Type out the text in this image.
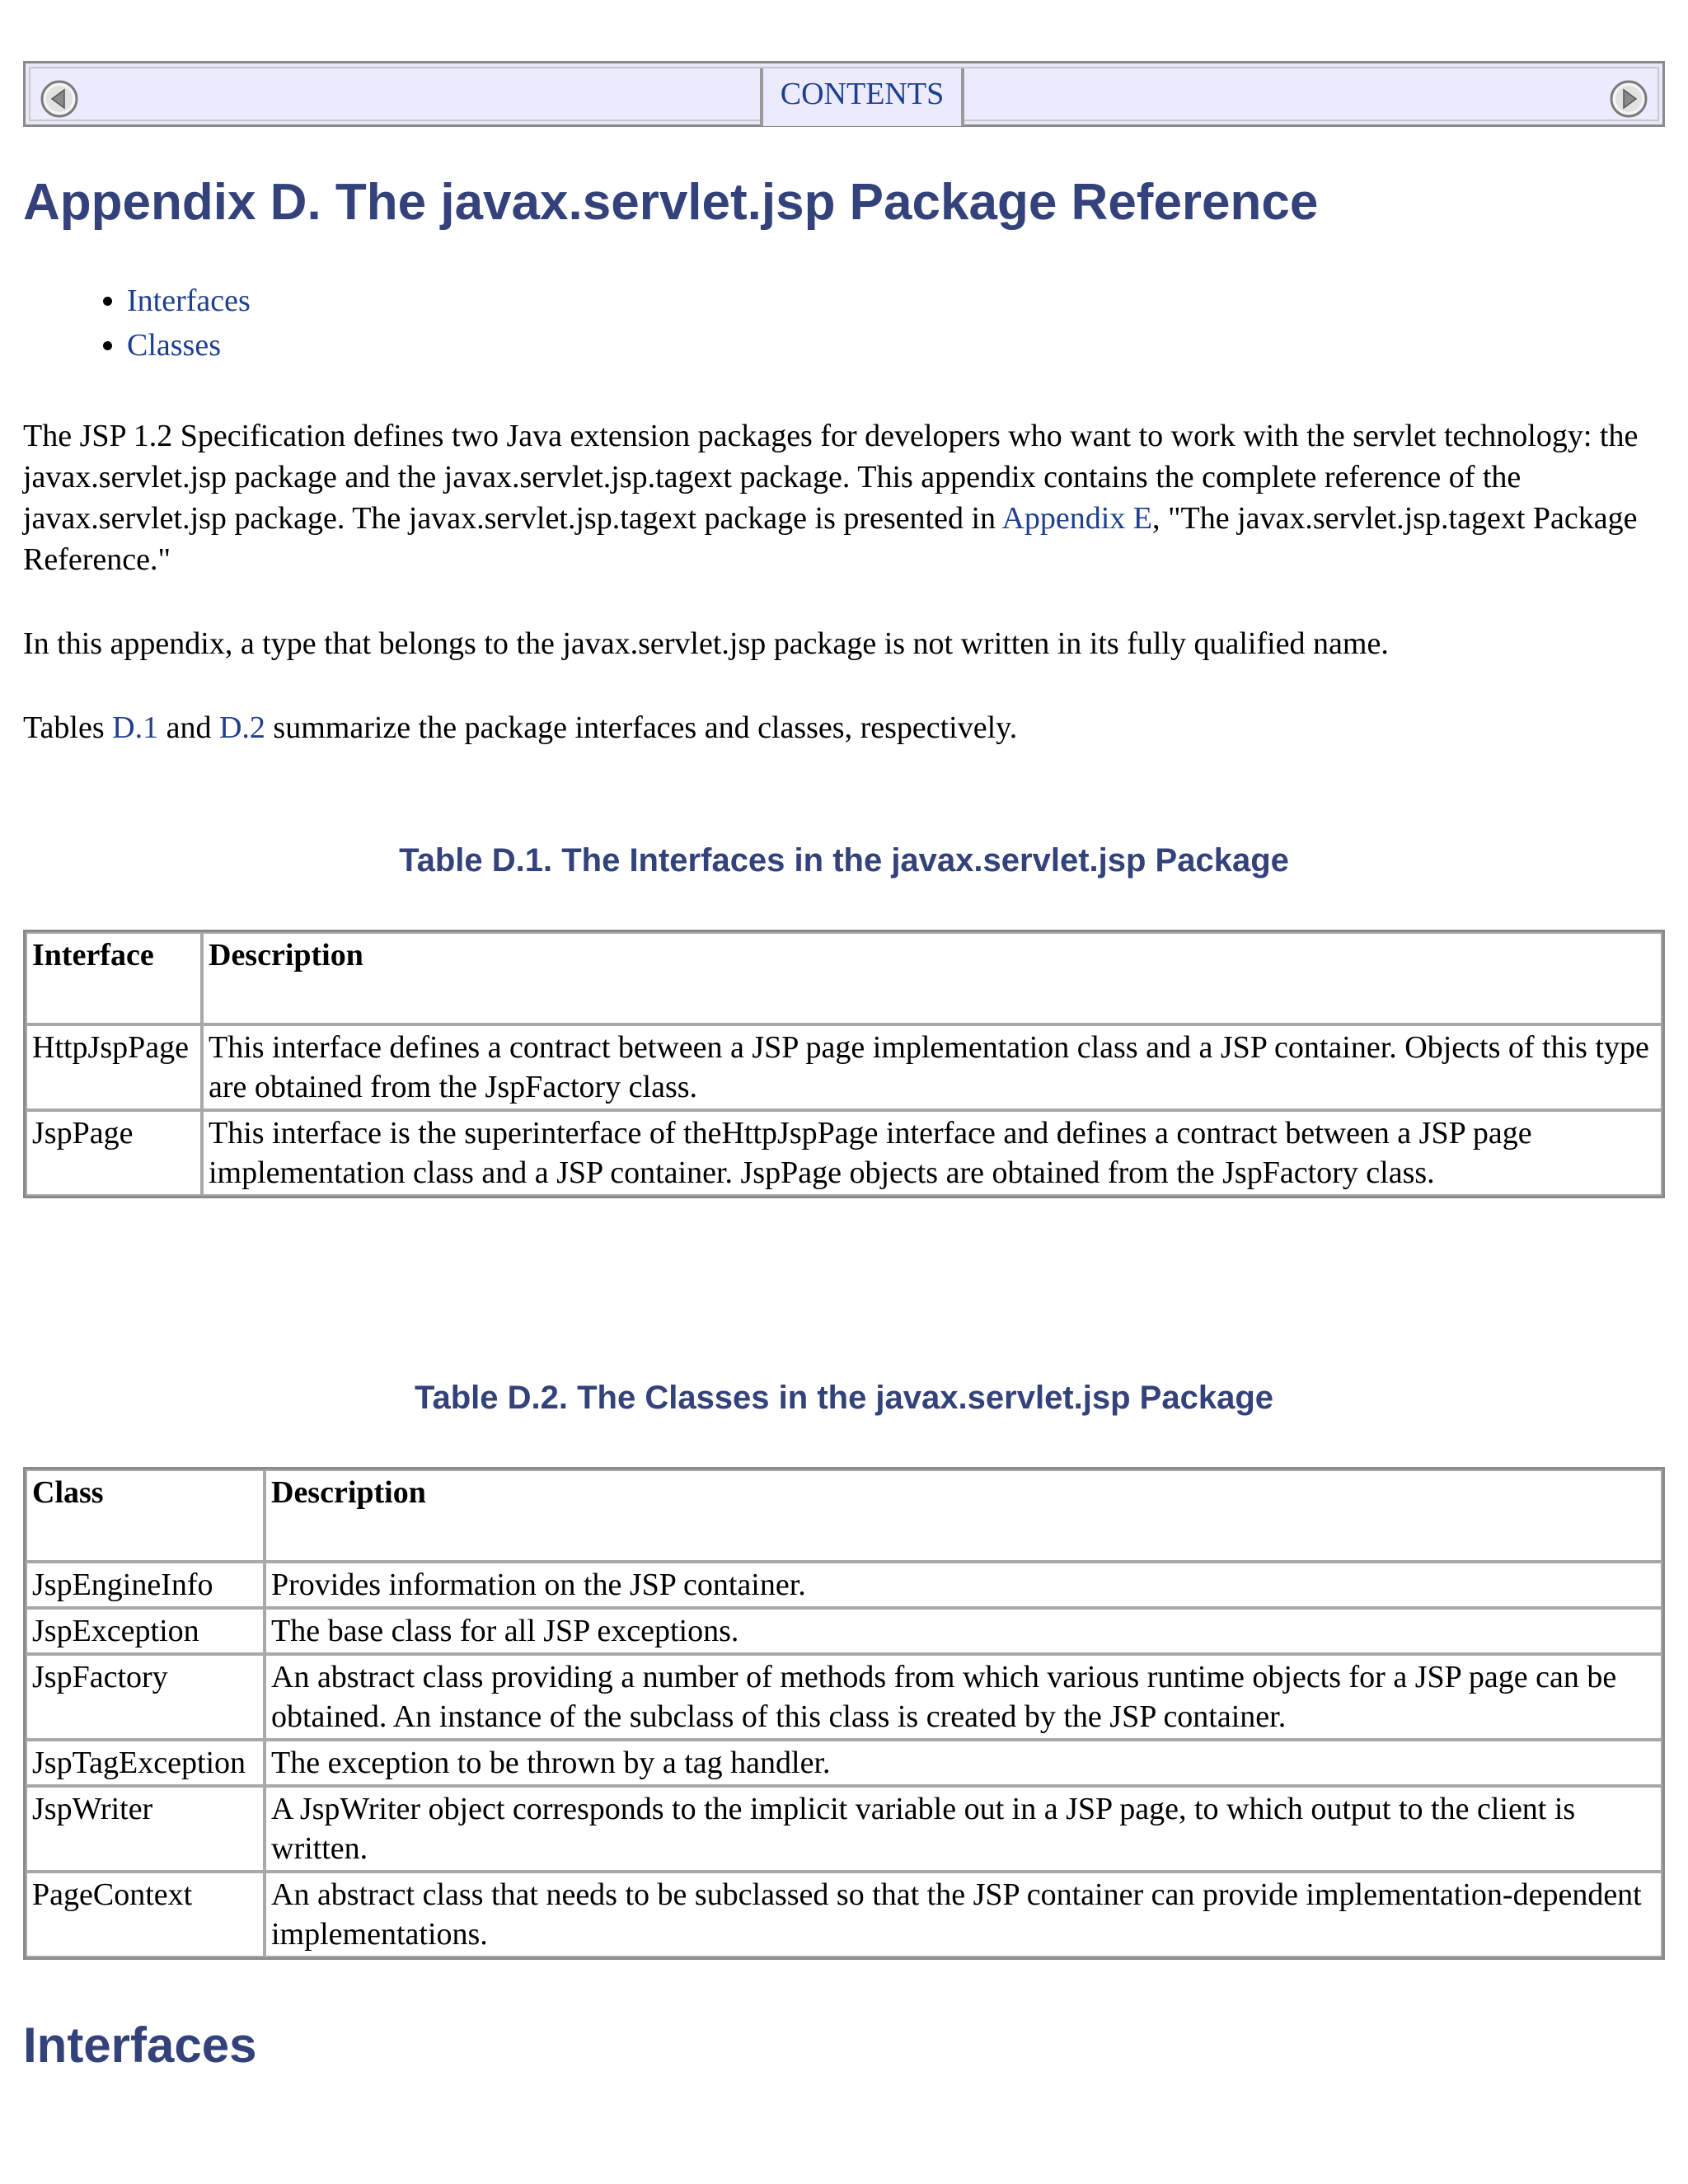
CONTENTS
Appendix D. The javax.servlet.jsp Package Reference
• Interfaces
• Classes

The JSP 1.2 Specification defines two Java extension packages for developers who want to work with the servlet technology: the javax.servlet.jsp package and the javax.servlet.jsp.tagext package. This appendix contains the complete reference of the javax.servlet.jsp package. The javax.servlet.jsp.tagext package is presented in Appendix E, "The javax.servlet.jsp.tagext Package Reference."

In this appendix, a type that belongs to the javax.servlet.jsp package is not written in its fully qualified name.

Tables D.1 and D.2 summarize the package interfaces and classes, respectively.

Table D.1. The Interfaces in the javax.servlet.jsp Package
Interface	Description
HttpJspPage	This interface defines a contract between a JSP page implementation class and a JSP container. Objects of this type are obtained from the JspFactory class.
JspPage	This interface is the superinterface of theHttpJspPage interface and defines a contract between a JSP page implementation class and a JSP container. JspPage objects are obtained from the JspFactory class.
Table D.2. The Classes in the javax.servlet.jsp Package
Class	Description
JspEngineInfo	Provides information on the JSP container.
JspException	The base class for all JSP exceptions.
JspFactory	An abstract class providing a number of methods from which various runtime objects for a JSP page can be obtained. An instance of the subclass of this class is created by the JSP container.
JspTagException	The exception to be thrown by a tag handler.
JspWriter	A JspWriter object corresponds to the implicit variable out in a JSP page, to which output to the client is written.
PageContext	An abstract class that needs to be subclassed so that the JSP container can provide implementation-dependent implementations.
Interfaces
